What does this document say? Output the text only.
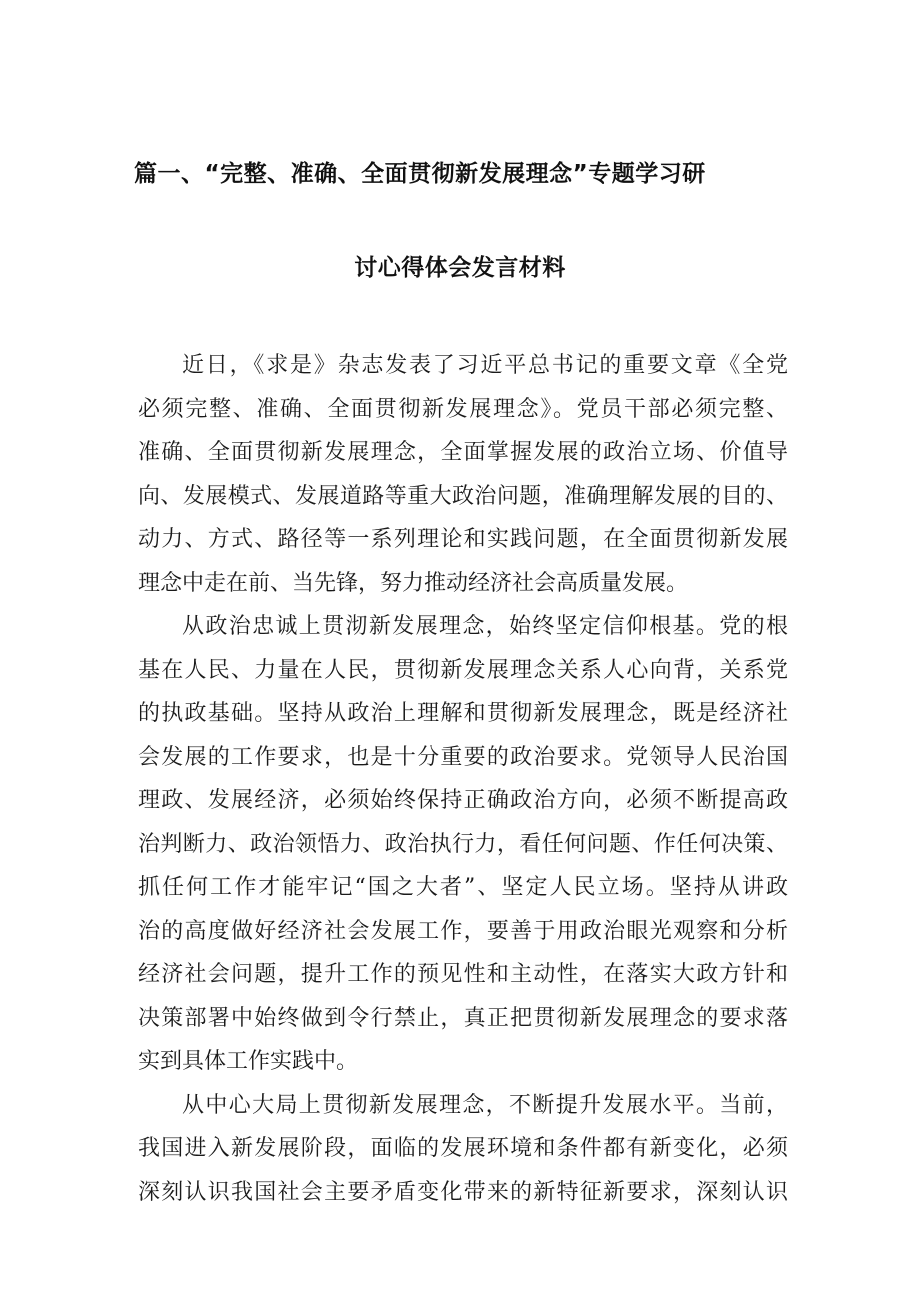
篇一、“完整、准确、全面贯彻新发展理念”专题学习研
讨心得体会发言材料
近日，《求是》杂志发表了习近平总书记的重要文章《全党
必须完整、准确、全面贯彻新发展理念》。党员干部必须完整、
准确、全面贯彻新发展理念，全面掌握发展的政治立场、价值导
向、发展模式、发展道路等重大政治问题，准确理解发展的目的、
动力、方式、路径等一系列理论和实践问题，在全面贯彻新发展
理念中走在前、当先锋，努力推动经济社会高质量发展。
从政治忠诚上贯沏新发展理念，始终坚定信仰根基。党的根
基在人民、力量在人民，贯彻新发展理念关系人心向背，关系党
的执政基础。坚持从政治上理解和贯彻新发展理念，既是经济社
会发展的工作要求，也是十分重要的政治要求。党领导人民治国
理政、发展经济，必须始终保持正确政治方向，必须不断提高政
治判断力、政治领悟力、政治执行力，看任何问题、作任何决策、
抓任何工作才能牢记“国之大者”、坚定人民立场。坚持从讲政
治的高度做好经济社会发展工作，要善于用政治眼光观察和分析
经济社会问题，提升工作的预见性和主动性，在落实大政方针和
决策部署中始终做到令行禁止，真正把贯彻新发展理念的要求落
实到具体工作实践中。
从中心大局上贯彻新发展理念，不断提升发展水平。当前，
我国进入新发展阶段，面临的发展环境和条件都有新变化，必须
深刻认识我国社会主要矛盾变化带来的新特征新要求，深刻认识
